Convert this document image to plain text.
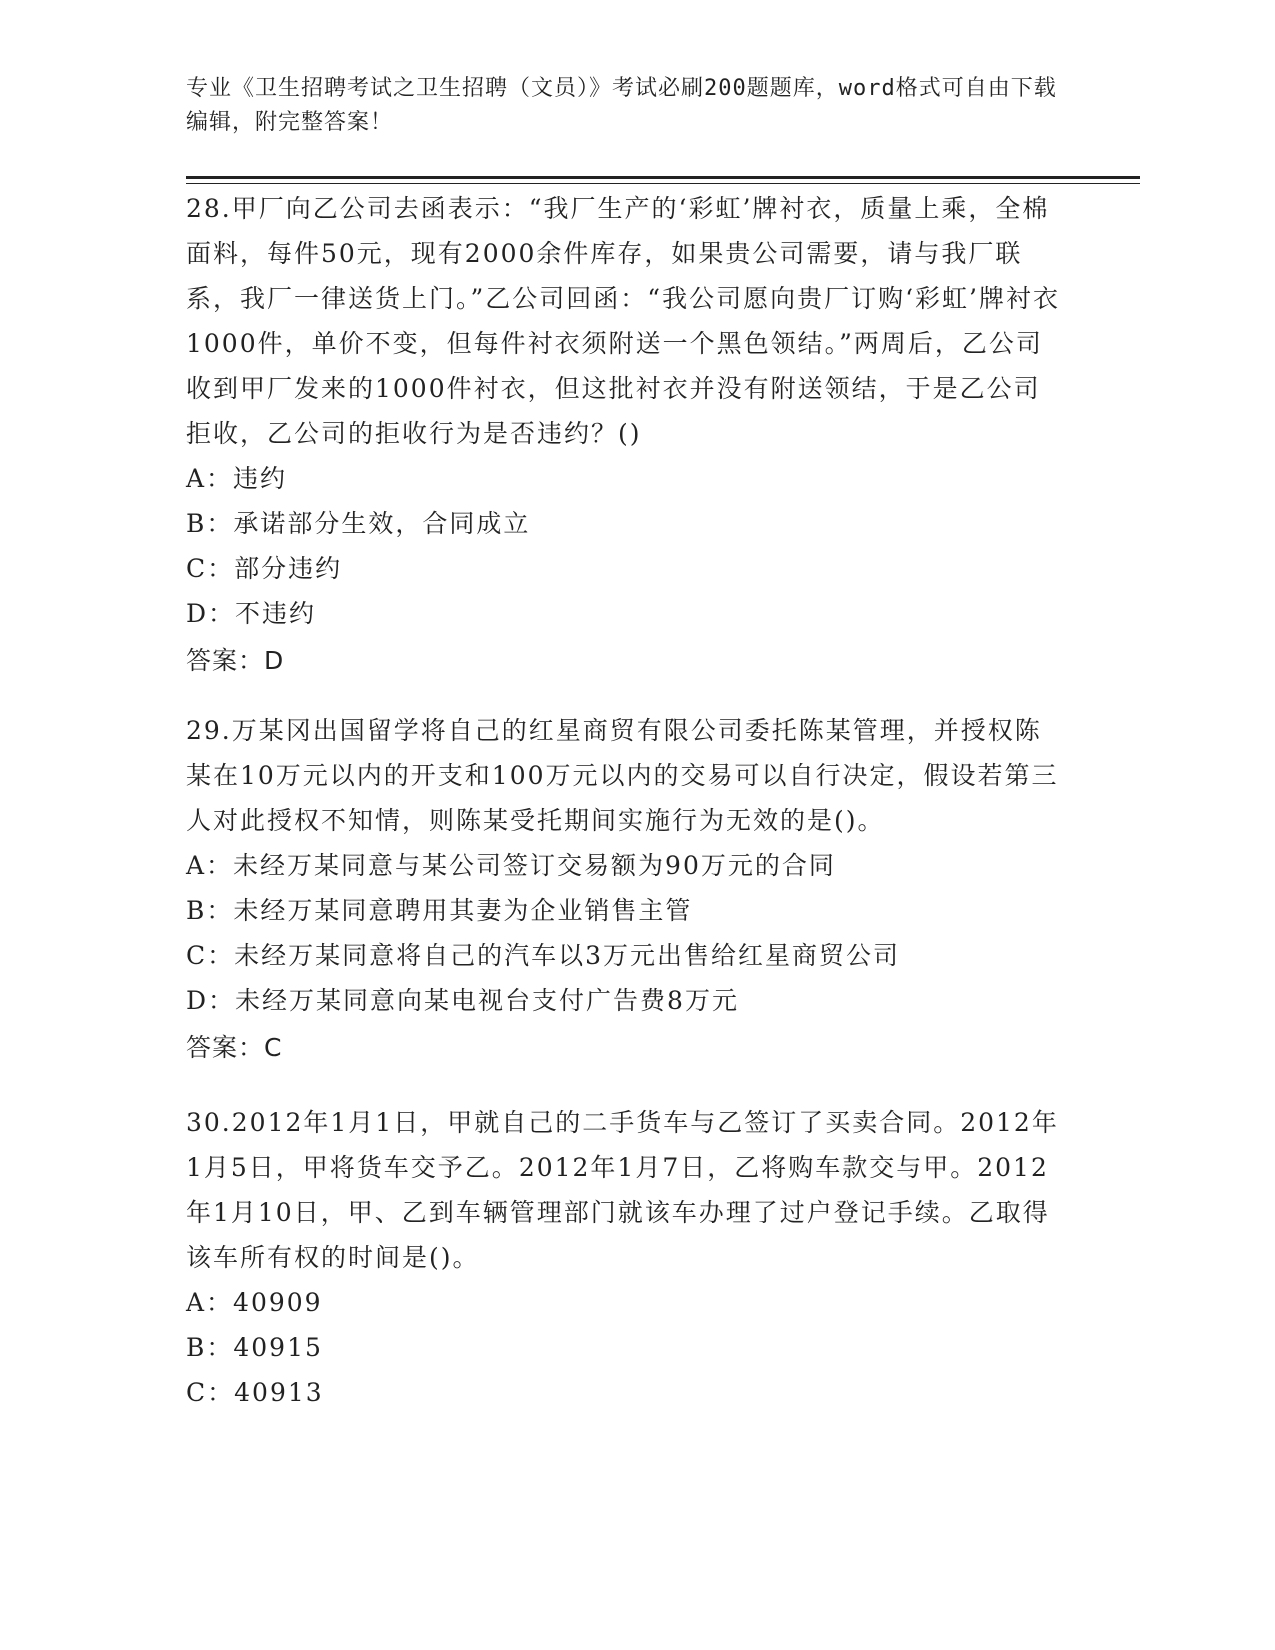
专业《卫生招聘考试之卫生招聘（文员）》考试必刷200题题库，word格式可自由下载编辑，附完整答案！
28.甲厂向乙公司去函表示：“我厂生产的‘彩虹’牌衬衣，质量上乘，全棉面料，每件50元，现有2000余件库存，如果贵公司需要，请与我厂联系，我厂一律送货上门。”乙公司回函：“我公司愿向贵厂订购‘彩虹’牌衬衣1000件，单价不变，但每件衬衣须附送一个黑色领结。”两周后，乙公司收到甲厂发来的1000件衬衣，但这批衬衣并没有附送领结，于是乙公司拒收，乙公司的拒收行为是否违约？()
A：违约
B：承诺部分生效，合同成立
C：部分违约
D：不违约
答案：D
29.万某冈出国留学将自己的红星商贸有限公司委托陈某管理，并授权陈某在10万元以内的开支和100万元以内的交易可以自行决定，假设若第三人对此授权不知情，则陈某受托期间实施行为无效的是()。
A：未经万某同意与某公司签订交易额为90万元的合同
B：未经万某同意聘用其妻为企业销售主管
C：未经万某同意将自己的汽车以3万元出售给红星商贸公司
D：未经万某同意向某电视台支付广告费8万元
答案：C
30.2012年1月1日，甲就自己的二手货车与乙签订了买卖合同。2012年1月5日，甲将货车交予乙。2012年1月7日，乙将购车款交与甲。2012年1月10日，甲、乙到车辆管理部门就该车办理了过户登记手续。乙取得该车所有权的时间是()。
A：40909
B：40915
C：40913
